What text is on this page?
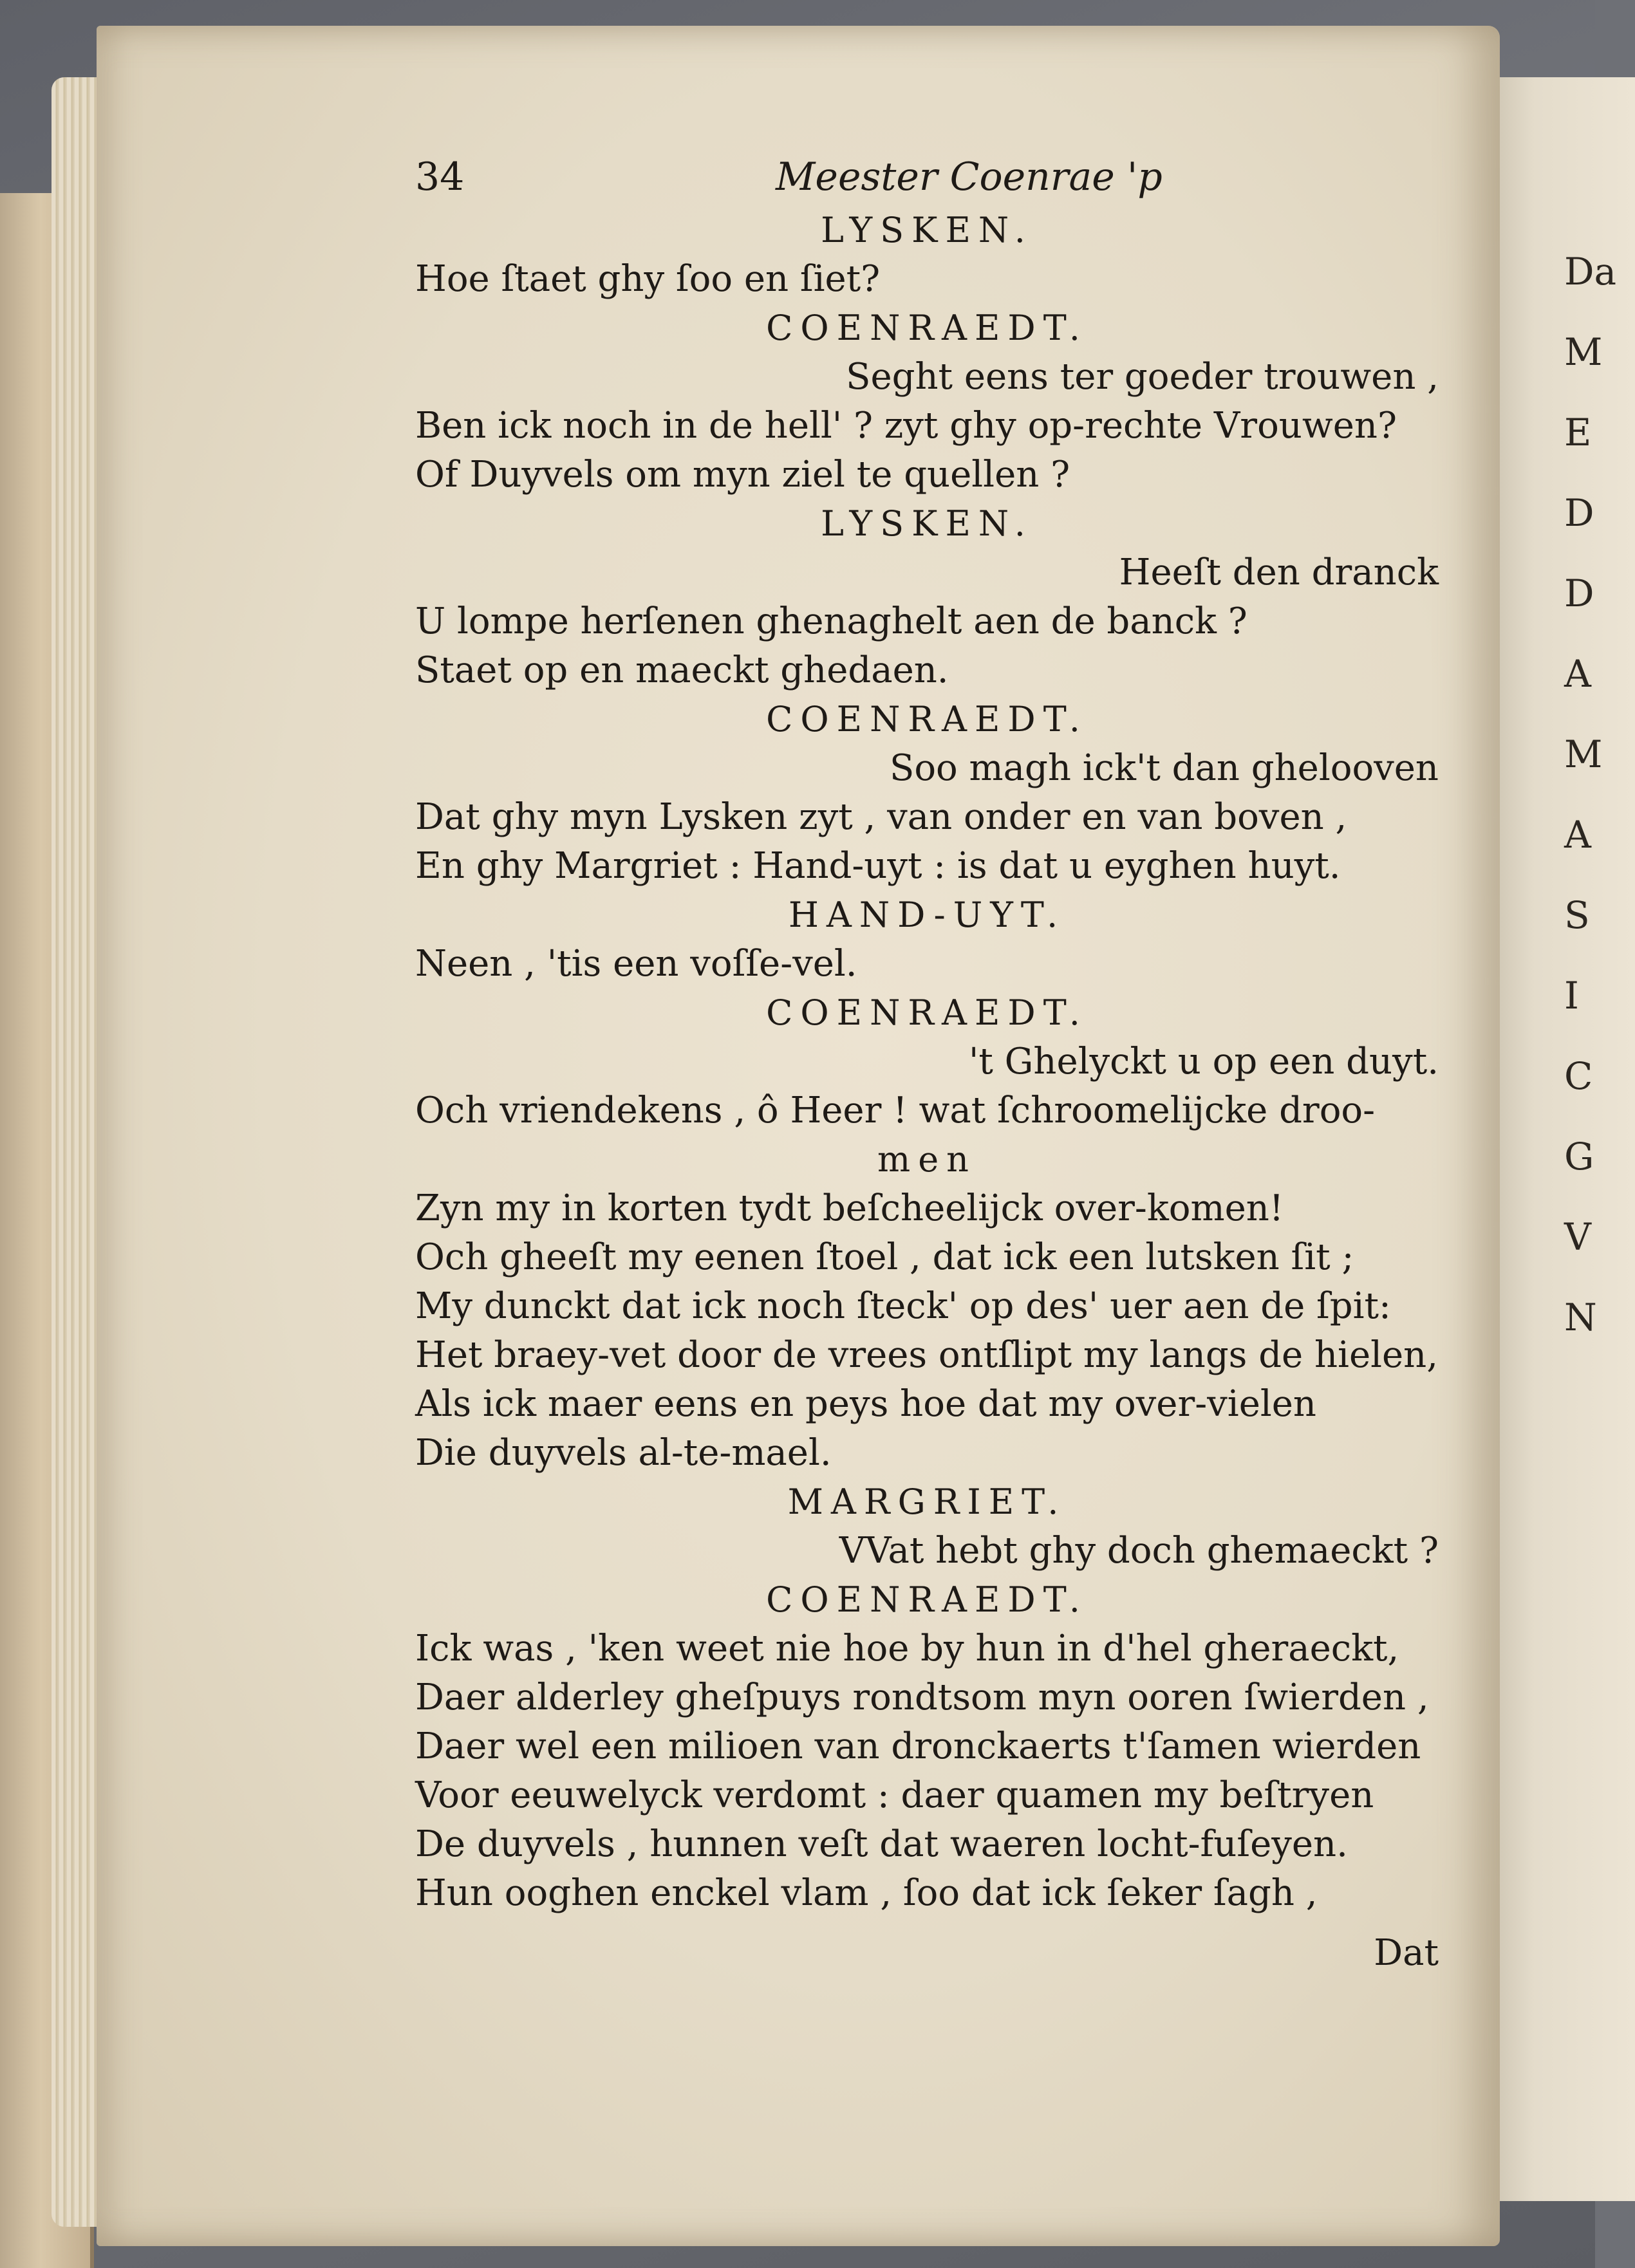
Da
M
E
D
D
A
M
A
S
I
C
G
V
N
34	Meester Coenrae 'p
LYSKEN.
Hoe ſtaet ghy ſoo en ſiet?
COENRAEDT.
Seght eens ter goeder trouwen ,
Ben ick noch in de hell' ? zyt ghy op-rechte Vrouwen?
Of Duyvels om myn ziel te quellen ?
LYSKEN.
Heeſt den dranck
U lompe herſenen ghenaghelt aen de banck ?
Staet op en maeckt ghedaen.
COENRAEDT.
Soo magh ick't dan ghelooven
Dat ghy myn Lysken zyt , van onder en van boven ,
En ghy Margriet : Hand-uyt : is dat u eyghen huyt.
HAND-UYT.
Neen , 'tis een voſſe-vel.
COENRAEDT.
't Ghelyckt u op een duyt.
Och vriendekens , ô Heer ! wat ſchroomelijcke droo-
men
Zyn my in korten tydt beſcheelijck over-komen!
Och gheeſt my eenen ſtoel , dat ick een lutsken ſit ;
My dunckt dat ick noch ſteck' op des' uer aen de ſpit:
Het braey-vet door de vrees ontſlipt my langs de hielen,
Als ick maer eens en peys hoe dat my over-vielen
Die duyvels al-te-mael.
MARGRIET.
VVat hebt ghy doch ghemaeckt ?
COENRAEDT.
Ick was , 'ken weet nie hoe by hun in d'hel gheraeckt,
Daer alderley gheſpuys rondtsom myn ooren ſwierden ,
Daer wel een milioen van dronckaerts t'ſamen wierden
Voor eeuwelyck verdomt : daer quamen my beſtryen
De duyvels , hunnen veſt dat waeren locht-fuſeyen.
Hun ooghen enckel vlam , ſoo dat ick ſeker ſagh ,
Dat
